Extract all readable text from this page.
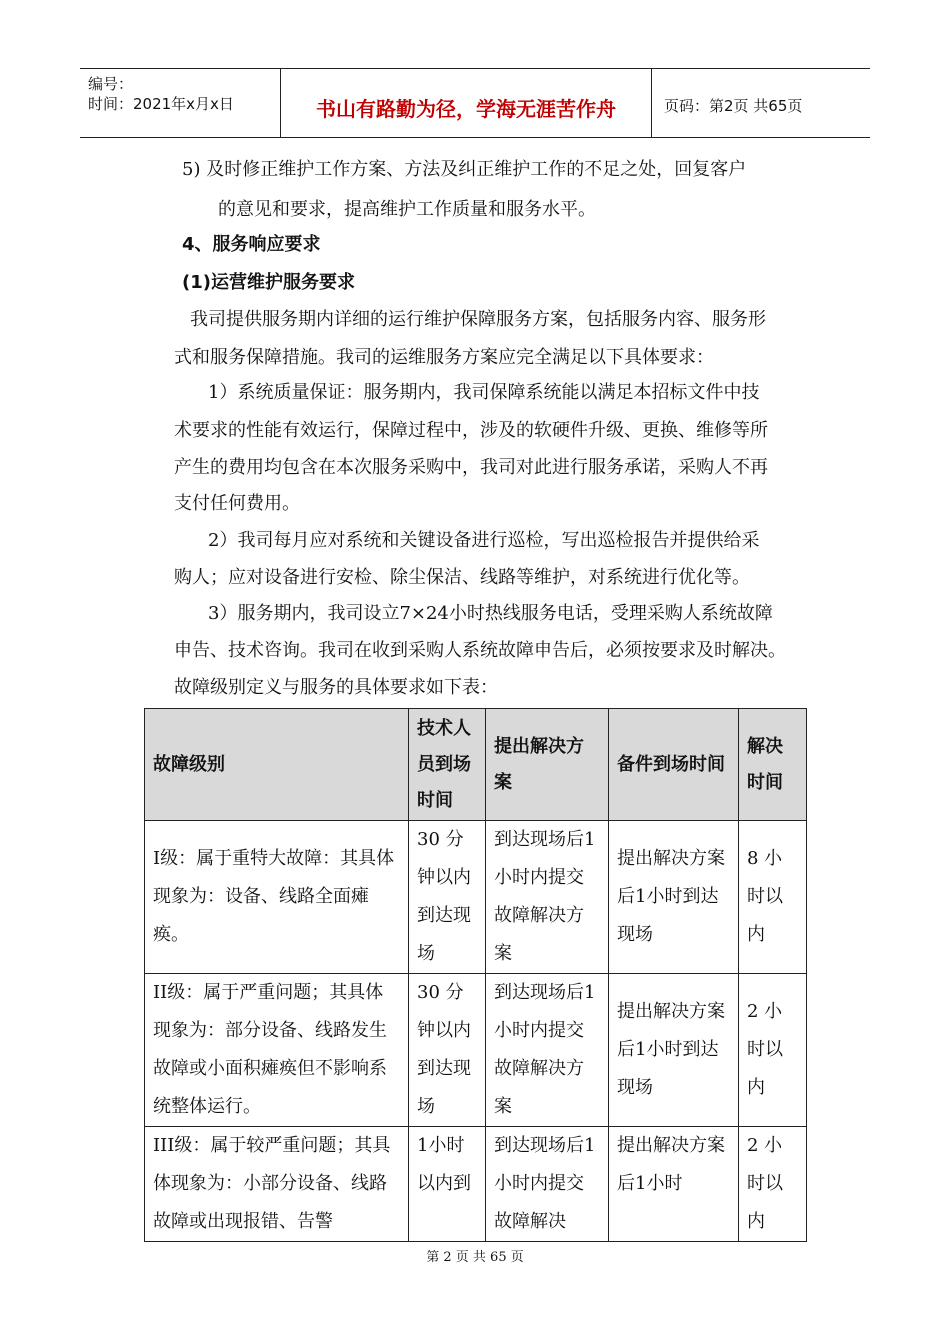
编号：
时间：2021年x月x日	书山有路勤为径，学海无涯苦作舟	页码：第2页 共65页
5) 及时修正维护工作方案、方法及纠正维护工作的不足之处，回复客户
的意见和要求，提高维护工作质量和服务水平。
4、服务响应要求
(1)运营维护服务要求
我司提供服务期内详细的运行维护保障服务方案，包括服务内容、服务形
式和服务保障措施。我司的运维服务方案应完全满足以下具体要求：
1）系统质量保证：服务期内，我司保障系统能以满足本招标文件中技
术要求的性能有效运行，保障过程中，涉及的软硬件升级、更换、维修等所
产生的费用均包含在本次服务采购中，我司对此进行服务承诺，采购人不再
支付任何费用。
2）我司每月应对系统和关键设备进行巡检，写出巡检报告并提供给采
购人；应对设备进行安检、除尘保洁、线路等维护，对系统进行优化等。
3）服务期内，我司设立7×24小时热线服务电话，受理采购人系统故障
申告、技术咨询。我司在收到采购人系统故障申告后，必须按要求及时解决。
故障级别定义与服务的具体要求如下表：
故障级别	技术人员到场时间	提出解决方案	备件到场时间	解决时间
I级：属于重特大故障：其具体现象为：设备、线路全面瘫痪。	30 分钟以内到达现场	到达现场后1小时内提交故障解决方案	提出解决方案后1小时到达现场	8 小时以内
II级：属于严重问题；其具体现象为：部分设备、线路发生故障或小面积瘫痪但不影响系统整体运行。	30 分钟以内到达现场	到达现场后1小时内提交故障解决方案	提出解决方案后1小时到达现场	2 小时以内
III级：属于较严重问题；其具体现象为：小部分设备、线路故障或出现报错、告警	1小时以内到	到达现场后1小时内提交故障解决	提出解决方案后1小时	2 小时以内
第 2 页 共 65 页
